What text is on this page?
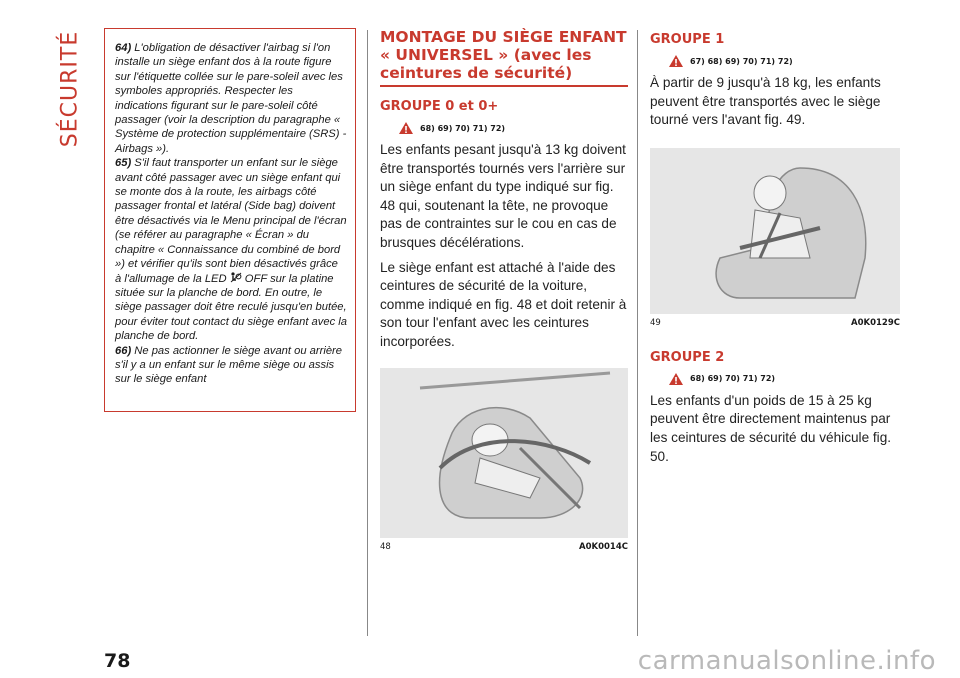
SÉCURITÉ	64) L'obligation de désactiver l'airbag si l'on installe un siège enfant dos à la route figure sur l'étiquette collée sur le pare-soleil avec les symboles appropriés. Respecter les indications figurant sur le pare-soleil côté passager (voir la description du paragraphe « Système de protection supplémentaire (SRS) - Airbags »).

65) S'il faut transporter un enfant sur le siège avant côté passager avec un siège enfant qui se monte dos à la route, les airbags côté passager frontal et latéral (Side bag) doivent être désactivés via le Menu principal de l'écran (se référer au paragraphe « Écran » du chapitre « Connaissance du combiné de bord ») et vérifier qu'ils sont bien désactivés grâce à l'allumage de la LED  OFF sur la platine située sur la planche de bord. En outre, le siège passager doit être reculé jusqu'en butée, pour éviter tout contact du siège enfant avec la planche de bord.

66) Ne pas actionner le siège avant ou arrière s'il y a un enfant sur le même siège ou assis sur le siège enfant

MONTAGE DU SIÈGE ENFANT « UNIVERSEL » (avec les ceintures de sécurité)
GROUPE 0 et 0+
68) 69) 70) 71) 72)

Les enfants pesant jusqu'à 13 kg doivent être transportés tournés vers l'arrière sur un siège enfant du type indiqué sur fig. 48 qui, soutenant la tête, ne provoque pas de contraintes sur le cou en cas de brusques décélérations.

Le siège enfant est attaché à l'aide des ceintures de sécurité de la voiture, comme indiqué en fig. 48 et doit retenir à son tour l'enfant avec les ceintures incorporées.

48	A0K0014C
GROUPE 1
67) 68) 69) 70) 71) 72)

À partir de 9 jusqu'à 18 kg, les enfants peuvent être transportés avec le siège tourné vers l'avant fig. 49.

49	A0K0129C
GROUPE 2
68) 69) 70) 71) 72)

Les enfants d'un poids de 15 à 25 kg peuvent être directement maintenus par les ceintures de sécurité du véhicule fig. 50.

78	carmanualsonline.info
